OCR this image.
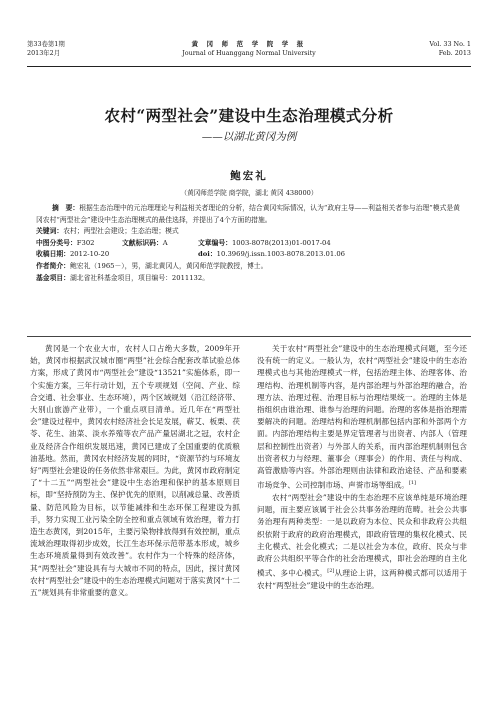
第33卷第1期
2013年2月
黄 冈 师 范 学 院 学 报
Journal of Huanggang Normal University
Vol. 33 No. 1
Feb. 2013
农村“两型社会”建设中生态治理模式分析
——以湖北黄冈为例
鲍宏礼
（黄冈师范学院 商学院，湖北 黄冈 438000）

摘　要：根据生态治理中的元治理理论与利益相关者理论的分析，结合黄冈实际情况，认为“政府主导——利益相关者参与治理”模式是黄冈农村“两型社会”建设中生态治理模式的最佳选择，并提出了4个方面的措施。

关键词：农村；两型社会建设；生态治理；模式

中图分类号：F302	文献标识码：A	文章编号：1003-8078(2013)01-0017-04

收稿日期：2012-10-20	doi：10.3969/j.issn.1003-8078.2013.01.06

作者简介：鲍宏礼（1965－），男，湖北黄冈人，黄冈师范学院教授，博士。

基金项目：湖北省社科基金项目，项目编号：2011132。

黄冈是一个农业大市，农村人口占绝大多数，2009年开始，黄冈市根据武汉城市圈“两型”社会综合配套改革试验总体方案，形成了黄冈市“两型社会”建设“13521”实施体系，即一个实施方案，三年行动计划，五个专项规划（空间、产业、综合交通、社会事业、生态环境），两个区域规划（沿江经济带、大别山旅游产业带），一个重点项目清单。近几年在“两型社会”建设过程中，黄冈农村经济社会长足发展，蕲艾、板栗、茯苓、花生、油菜、淡水养殖等农产品产量居湖北之冠，农村企业及经济合作组织发展迅速，黄冈已建成了全国重要的优质粮油基地。然而，黄冈农村经济发展的同时，“资源节约与环境友好”两型社会建设的任务依然非常艰巨。为此，黄冈市政府制定了“十二五”“两型社会”建设中生态治理和保护的基本原则目标，即“坚持预防为主、保护优先的原则，以削减总量、改善质量、防范风险为目标，以节能减排和生态环保工程建设为抓手，努力实现工业污染全防全控和重点领域有效治理，着力打造生态黄冈，到2015年，主要污染物排放得到有效控制，重点流域治理取得初步成效，长江生态环保示范带基本形成，城乡生态环境质量得到有效改善”。农村作为一个特殊的经济体，其“两型社会”建设具有与大城市不同的特点，因此，探讨黄冈农村“两型社会”建设中的生态治理模式问题对于落实黄冈“十二五”规划具有非常重要的意义。

关于农村“两型社会”建设中的生态治理模式问题，至今还没有统一的定义。一般认为，农村“两型社会”建设中的生态治理模式也与其他治理模式一样，包括治理主体、治理客体、治理结构、治理机制等内容，是内部治理与外部治理的融合，治理方法、治理过程、治理目标与治理结果统一。治理的主体是指组织由谁治理、谁参与治理的问题。治理的客体是指治理需要解决的问题。治理结构和治理机制都包括内部和外部两个方面。内部治理结构主要是界定管理者与出资者、内部人（管理层和控制性出资者）与外部人的关系，而内部治理机制则包含出资者权力与经理、董事会（理事会）的作用、责任与构成、高管激励等内容。外部治理则由法律和政治途径、产品和要素市场竞争、公司控制市场、声誉市场等组成。[1]

农村“两型社会”建设中的生态治理不应该单纯是环境治理问题，而主要应该属于社会公共事务治理的范畴。社会公共事务治理有两种类型：一是以政府为本位、民众和非政府公共组织依附于政府的政府治理模式，即政府管理的集权化模式、民主化模式、社会化模式；二是以社会为本位，政府、民众与非政府公共组织平等合作的社会治理模式，即社会治理的自主化模式、多中心模式。[2]从理论上讲，这两种模式都可以适用于农村“两型社会”建设中的生态治理。
